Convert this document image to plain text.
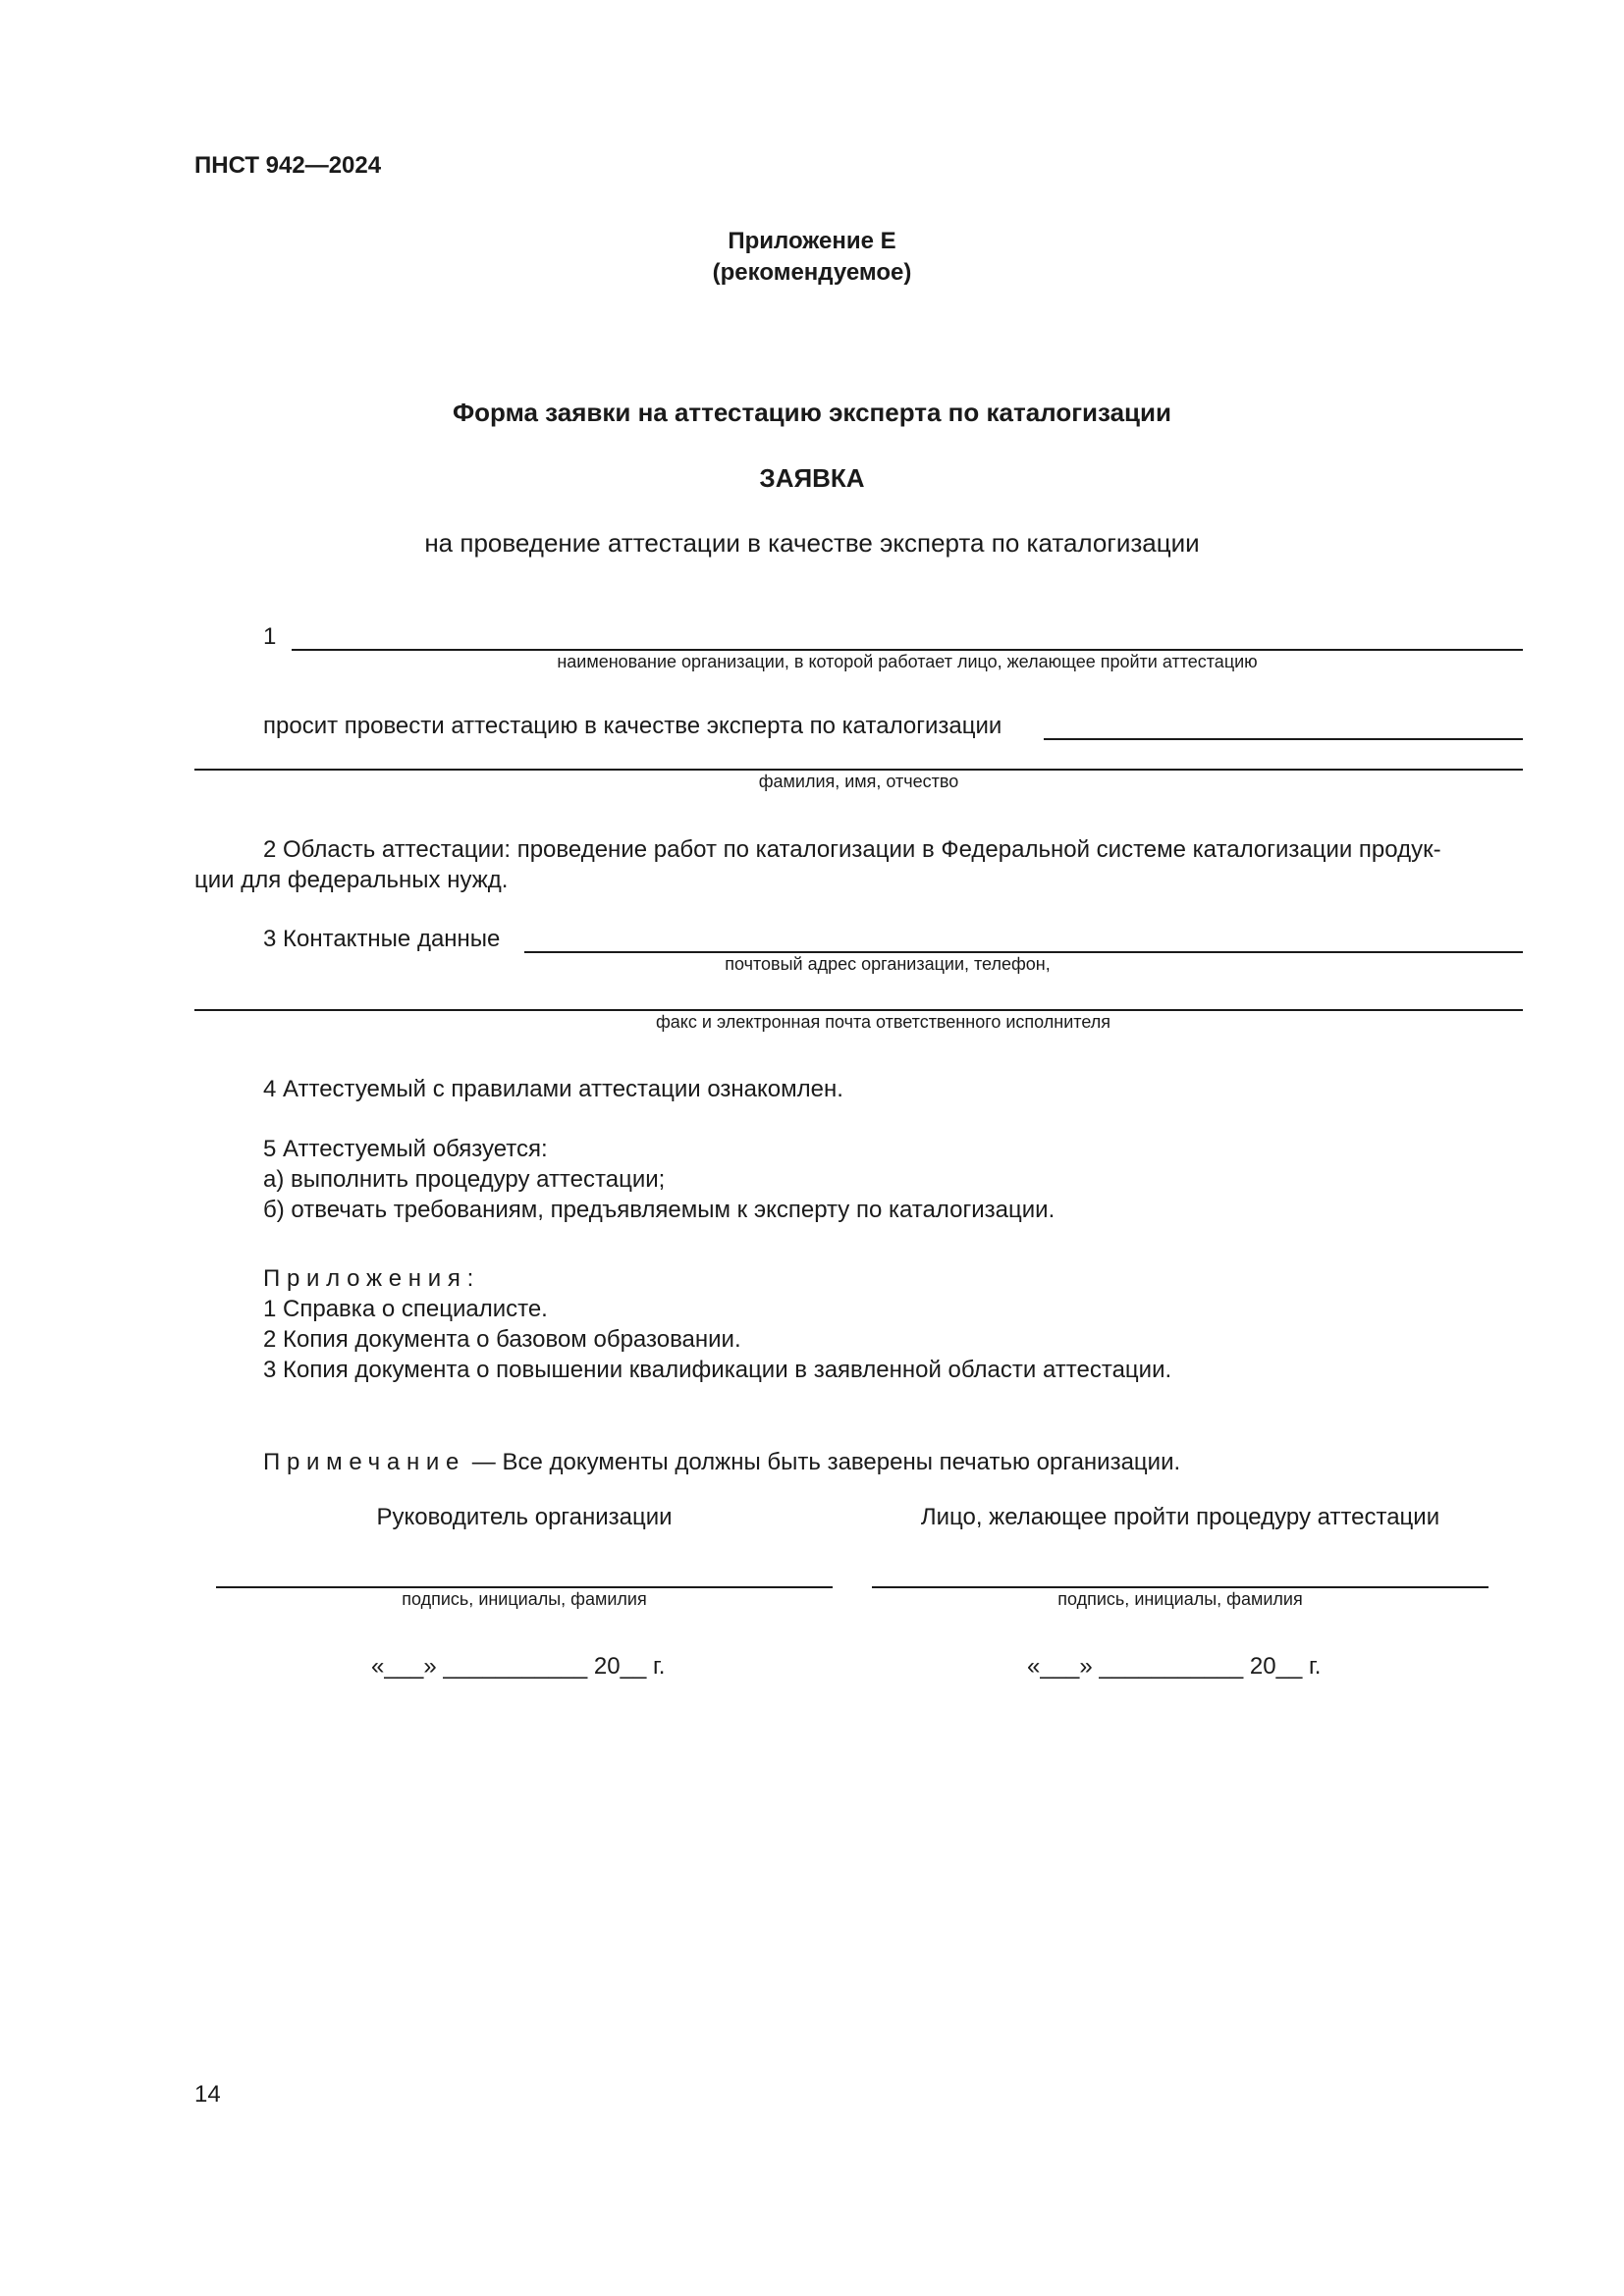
ПНСТ 942—2024
Приложение Е
(рекомендуемое)
Форма заявки на аттестацию эксперта по каталогизации
ЗАЯВКА
на проведение аттестации в качестве эксперта по каталогизации
1
наименование организации, в которой работает лицо, желающее пройти аттестацию
просит провести аттестацию в качестве эксперта по каталогизации
фамилия, имя, отчество
2 Область аттестации: проведение работ по каталогизации в Федеральной системе каталогизации продук-
ции для федеральных нужд.
3 Контактные данные
почтовый адрес организации, телефон,
факс и электронная почта ответственного исполнителя
4 Аттестуемый с правилами аттестации ознакомлен.
5 Аттестуемый обязуется:
а) выполнить процедуру аттестации;
б) отвечать требованиям, предъявляемым к эксперту по каталогизации.
Приложения:
1 Справка о специалисте.
2 Копия документа о базовом образовании.
3 Копия документа о повышении квалификации в заявленной области аттестации.
Примечание — Все документы должны быть заверены печатью организации.
Руководитель организации	Лицо, желающее пройти процедуру аттестации
подпись, инициалы, фамилия	подпись, инициалы, фамилия
«___» ___________ 20__ г.	«___» ___________ 20__ г.
14
